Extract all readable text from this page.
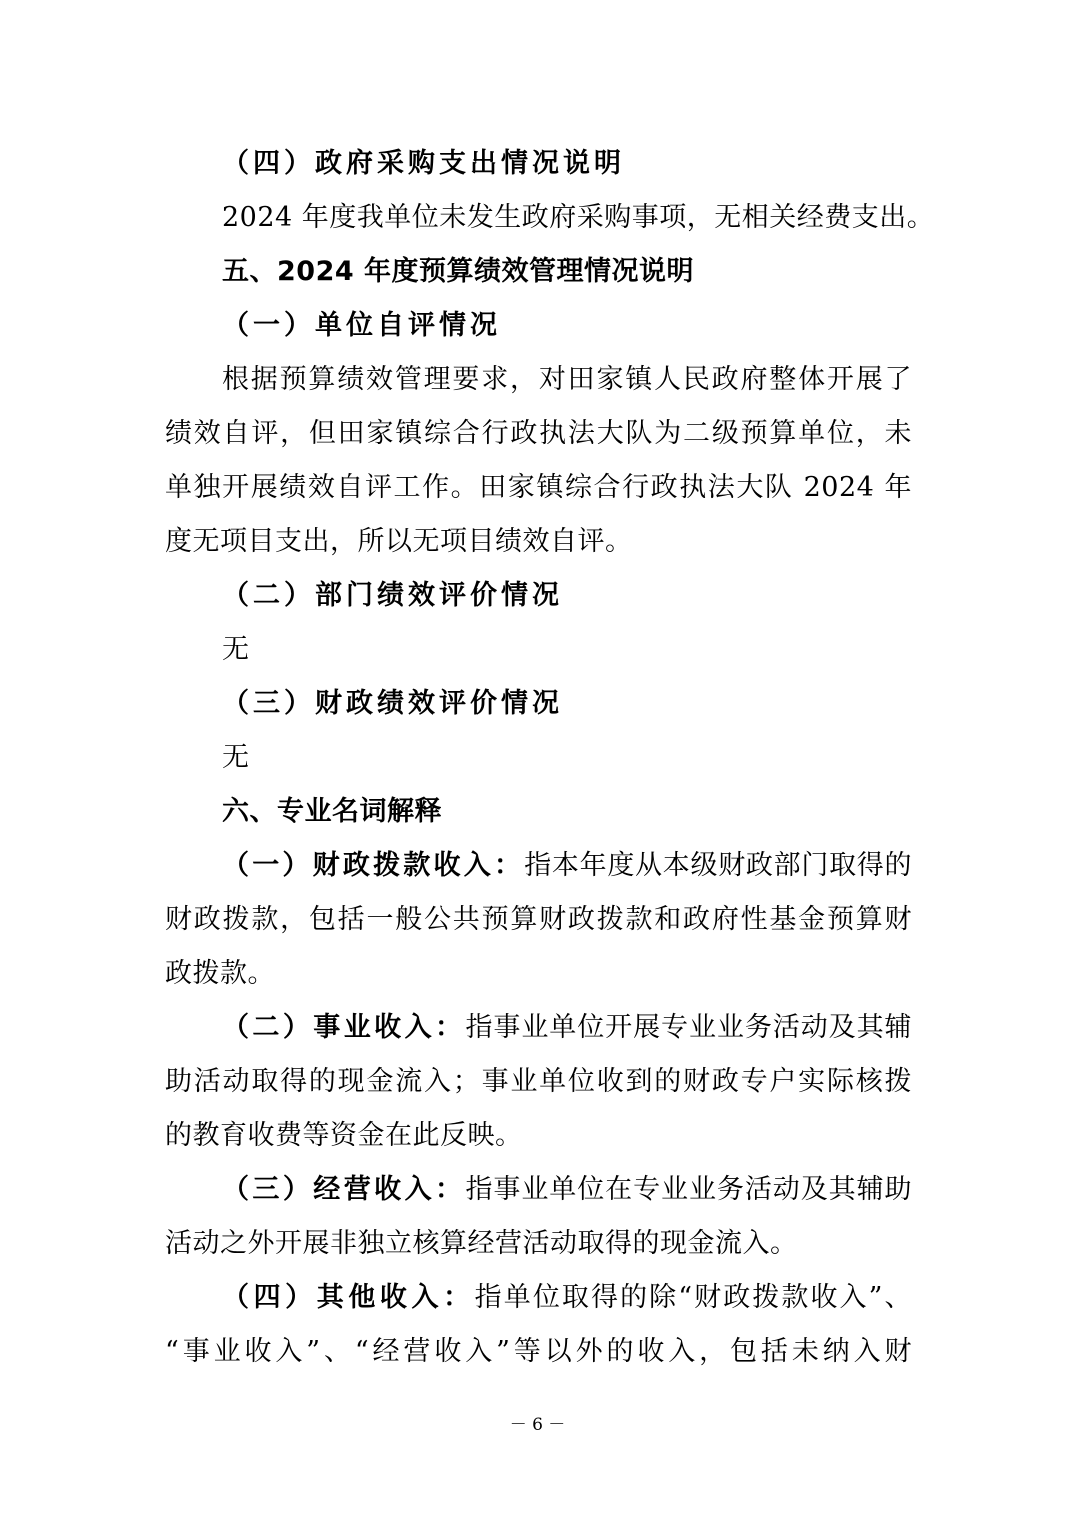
（四）政府采购支出情况说明
2024 年度我单位未发生政府采购事项，无相关经费支出。
五、2024 年度预算绩效管理情况说明
（一）单位自评情况
根据预算绩效管理要求，对田家镇人民政府整体开展了
绩效自评，但田家镇综合行政执法大队为二级预算单位，未
单独开展绩效自评工作。田家镇综合行政执法大队 2024 年
度无项目支出，所以无项目绩效自评。
（二）部门绩效评价情况
无
（三）财政绩效评价情况
无
六、专业名词解释
（一）财政拨款收入：指本年度从本级财政部门取得的
财政拨款，包括一般公共预算财政拨款和政府性基金预算财
政拨款。
（二）事业收入：指事业单位开展专业业务活动及其辅
助活动取得的现金流入；事业单位收到的财政专户实际核拨
的教育收费等资金在此反映。
（三）经营收入：指事业单位在专业业务活动及其辅助
活动之外开展非独立核算经营活动取得的现金流入。
（四）其他收入：指单位取得的除“财政拨款收入”、
“事业收入”、“经营收入”等以外的收入，包括未纳入财
－ 6 －
